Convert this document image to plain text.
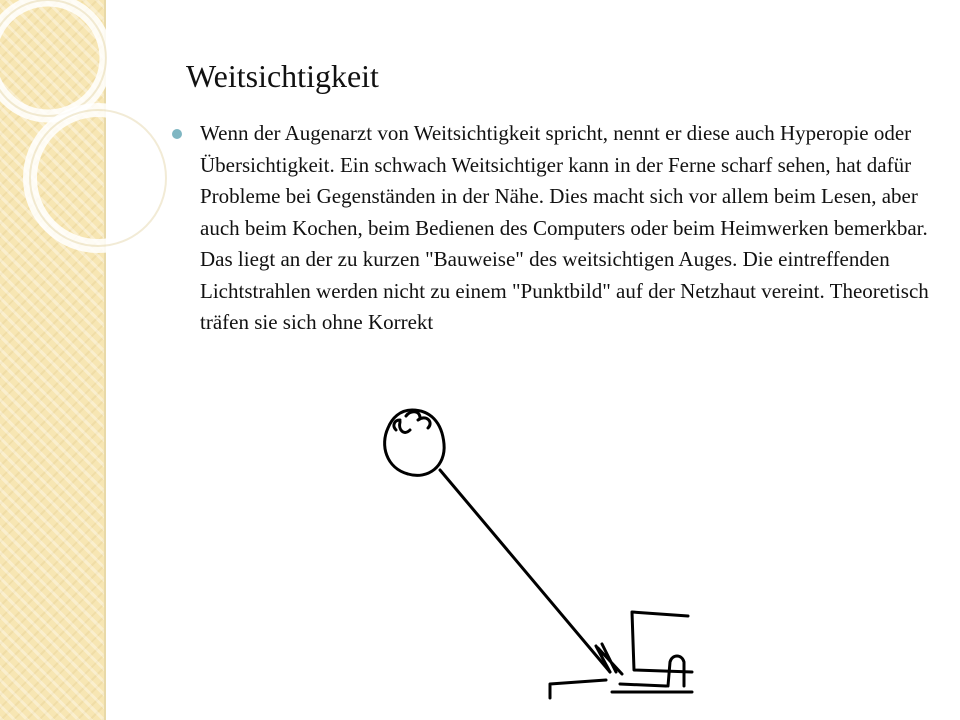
Weitsichtigkeit
Wenn der Augenarzt von Weitsichtigkeit spricht, nennt er diese auch Hyperopie oder Übersichtigkeit. Ein schwach Weitsichtiger kann in der Ferne scharf sehen, hat dafür Probleme bei Gegenständen in der Nähe. Dies macht sich vor allem beim Lesen, aber auch beim Kochen, beim Bedienen des Computers oder beim Heimwerken bemerkbar. Das liegt an der zu kurzen "Bauweise" des weitsichtigen Auges. Die eintreffenden Lichtstrahlen werden nicht zu einem "Punktbild" auf der Netzhaut vereint. Theoretisch träfen sie sich ohne Korrekt
